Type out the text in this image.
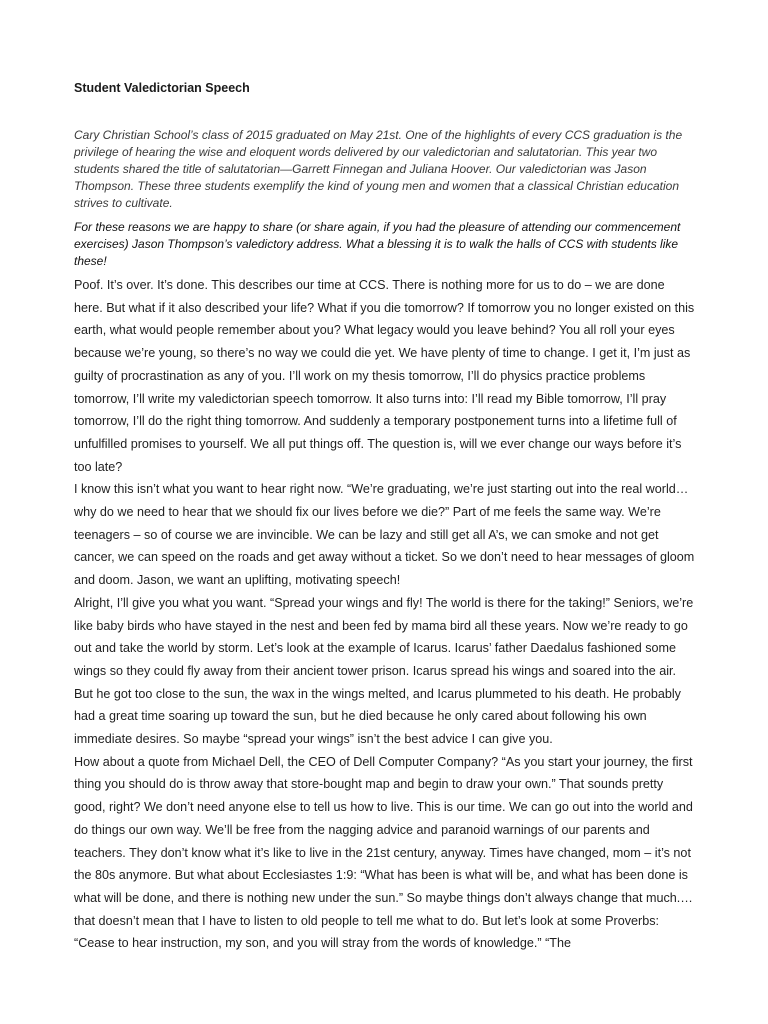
Student Valedictorian Speech

Cary Christian School’s class of 2015 graduated on May 21st. One of the highlights of every CCS graduation is the privilege of hearing the wise and eloquent words delivered by our valedictorian and salutatorian. This year two students shared the title of salutatorian—Garrett Finnegan and Juliana Hoover. Our valedictorian was Jason Thompson. These three students exemplify the kind of young men and women that a classical Christian education strives to cultivate.

For these reasons we are happy to share (or share again, if you had the pleasure of attending our commencement exercises) Jason Thompson’s valedictory address. What a blessing it is to walk the halls of CCS with students like these!

Poof. It’s over. It’s done. This describes our time at CCS. There is nothing more for us to do – we are done here. But what if it also described your life? What if you die tomorrow? If tomorrow you no longer existed on this earth, what would people remember about you? What legacy would you leave behind? You all roll your eyes because we’re young, so there’s no way we could die yet. We have plenty of time to change. I get it, I’m just as guilty of procrastination as any of you. I’ll work on my thesis tomorrow, I’ll do physics practice problems tomorrow, I’ll write my valedictorian speech tomorrow. It also turns into: I’ll read my Bible tomorrow, I’ll pray tomorrow, I’ll do the right thing tomorrow. And suddenly a temporary postponement turns into a lifetime full of unfulfilled promises to yourself. We all put things off. The question is, will we ever change our ways before it’s too late?

I know this isn’t what you want to hear right now. “We’re graduating, we’re just starting out into the real world… why do we need to hear that we should fix our lives before we die?” Part of me feels the same way. We’re teenagers – so of course we are invincible. We can be lazy and still get all A’s, we can smoke and not get cancer, we can speed on the roads and get away without a ticket. So we don’t need to hear messages of gloom and doom. Jason, we want an uplifting, motivating speech!

Alright, I’ll give you what you want. “Spread your wings and fly! The world is there for the taking!” Seniors, we’re like baby birds who have stayed in the nest and been fed by mama bird all these years. Now we’re ready to go out and take the world by storm. Let’s look at the example of Icarus. Icarus’ father Daedalus fashioned some wings so they could fly away from their ancient tower prison. Icarus spread his wings and soared into the air. But he got too close to the sun, the wax in the wings melted, and Icarus plummeted to his death. He probably had a great time soaring up toward the sun, but he died because he only cared about following his own immediate desires. So maybe “spread your wings” isn’t the best advice I can give you.

How about a quote from Michael Dell, the CEO of Dell Computer Company? “As you start your journey, the first thing you should do is throw away that store-bought map and begin to draw your own.” That sounds pretty good, right? We don’t need anyone else to tell us how to live. This is our time. We can go out into the world and do things our own way. We’ll be free from the nagging advice and paranoid warnings of our parents and teachers. They don’t know what it’s like to live in the 21st century, anyway. Times have changed, mom – it’s not the 80s anymore. But what about Ecclesiastes 1:9: “What has been is what will be, and what has been done is what will be done, and there is nothing new under the sun.” So maybe things don’t always change that much.… that doesn’t mean that I have to listen to old people to tell me what to do. But let’s look at some Proverbs: “Cease to hear instruction, my son, and you will stray from the words of knowledge.” “The
